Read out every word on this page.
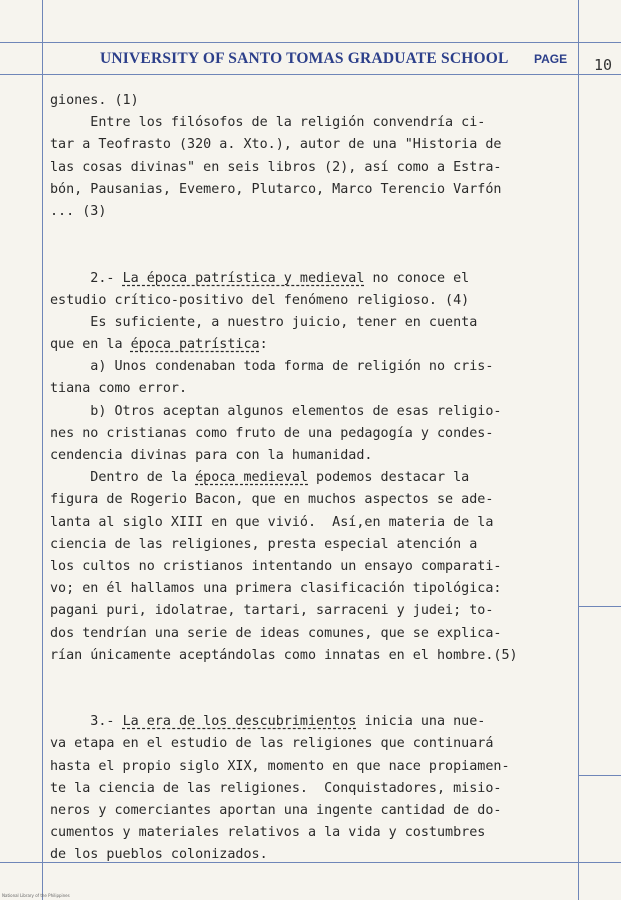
UNIVERSITY OF SANTO TOMAS GRADUATE SCHOOL PAGE 10
giones. (1)
Entre los filósofos de la religión convendría ci-
tar a Teofrasto (320 a. Xto.), autor de una "Historia de
las cosas divinas" en seis libros (2), así como a Estra-
bón, Pausanias, Evemero, Plutarco, Marco Terencio Varfón
... (3)
2.- La época patrística y medieval no conoce el
estudio crítico-positivo del fenómeno religioso. (4)
Es suficiente, a nuestro juicio, tener en cuenta
que en la época patrística:
a) Unos condenaban toda forma de religión no cris-
tiana como error.
b) Otros aceptan algunos elementos de esas religio-
nes no cristianas como fruto de una pedagogía y condes-
cendencia divinas para con la humanidad.
Dentro de la época medieval podemos destacar la
figura de Rogerio Bacon, que en muchos aspectos se ade-
lanta al siglo XIII en que vivió.  Así,en materia de la
ciencia de las religiones, presta especial atención a
los cultos no cristianos intentando un ensayo comparati-
vo; en él hallamos una primera clasificación tipológica:
pagani puri, idolatrae, tartari, sarraceni y judei; to-
dos tendrían una serie de ideas comunes, que se explica-
rían únicamente aceptándolas como innatas en el hombre.(5)
3.- La era de los descubrimientos inicia una nue-
va etapa en el estudio de las religiones que continuará
hasta el propio siglo XIX, momento en que nace propiamen-
te la ciencia de las religiones.  Conquistadores, misio-
neros y comerciantes aportan una ingente cantidad de do-
cumentos y materiales relativos a la vida y costumbres
de los pueblos colonizados.
National Library of the Philippines
